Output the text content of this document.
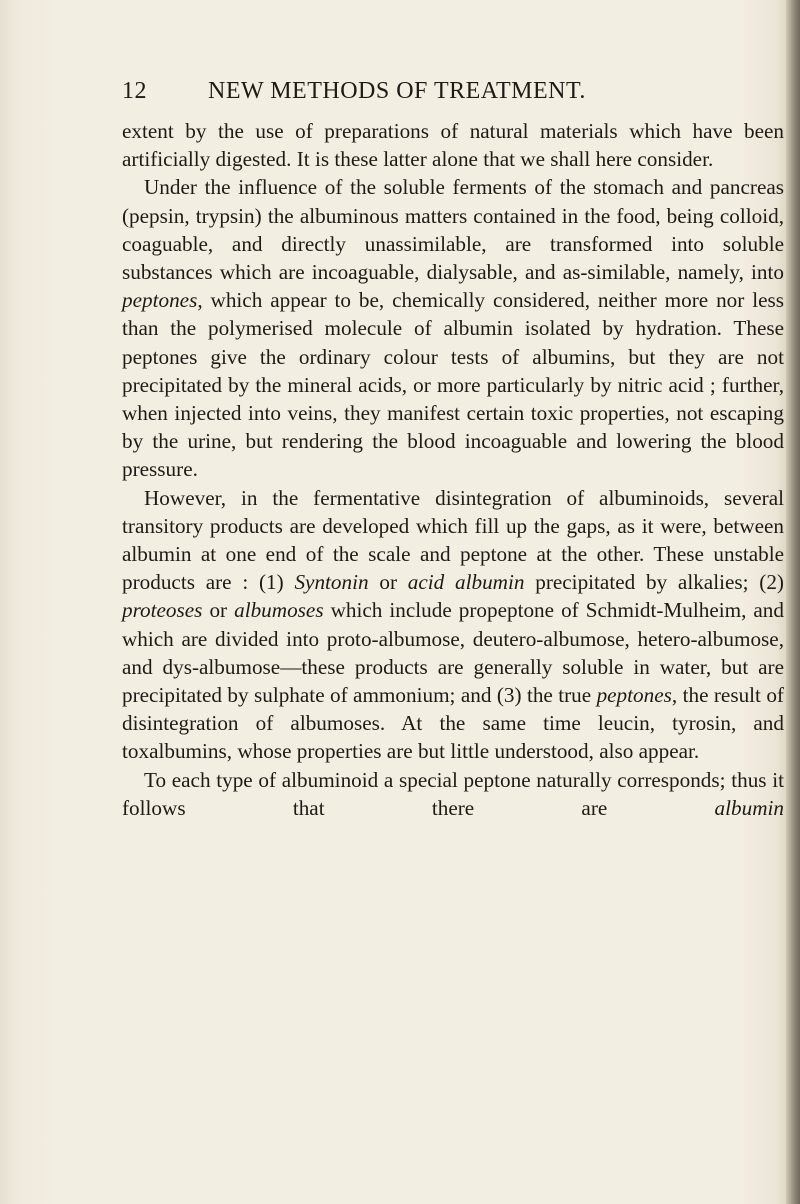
12	NEW METHODS OF TREATMENT.

extent by the use of preparations of natural materials which have been artificially digested. It is these latter alone that we shall here consider.

Under the influence of the soluble ferments of the stomach and pancreas (pepsin, trypsin) the albuminous matters contained in the food, being colloid, coaguable, and directly unassimilable, are transformed into soluble substances which are incoaguable, dialysable, and as-similable, namely, into peptones, which appear to be, chemically considered, neither more nor less than the polymerised molecule of albumin isolated by hydration. These peptones give the ordinary colour tests of albumins, but they are not precipitated by the mineral acids, or more particularly by nitric acid ; further, when injected into veins, they manifest certain toxic properties, not escaping by the urine, but rendering the blood incoaguable and lowering the blood pressure.

However, in the fermentative disintegration of albuminoids, several transitory products are developed which fill up the gaps, as it were, between albumin at one end of the scale and peptone at the other. These unstable products are : (1) Syntonin or acid albumin precipitated by alkalies; (2) proteoses or albumoses which include propeptone of Schmidt-Mulheim, and which are divided into proto-albumose, deutero-albumose, hetero-albumose, and dys-albumose—these products are generally soluble in water, but are precipitated by sulphate of ammonium; and (3) the true peptones, the result of disintegration of albumoses. At the same time leucin, tyrosin, and toxalbumins, whose properties are but little understood, also appear.

To each type of albuminoid a special peptone naturally corresponds; thus it follows that there are albumin
